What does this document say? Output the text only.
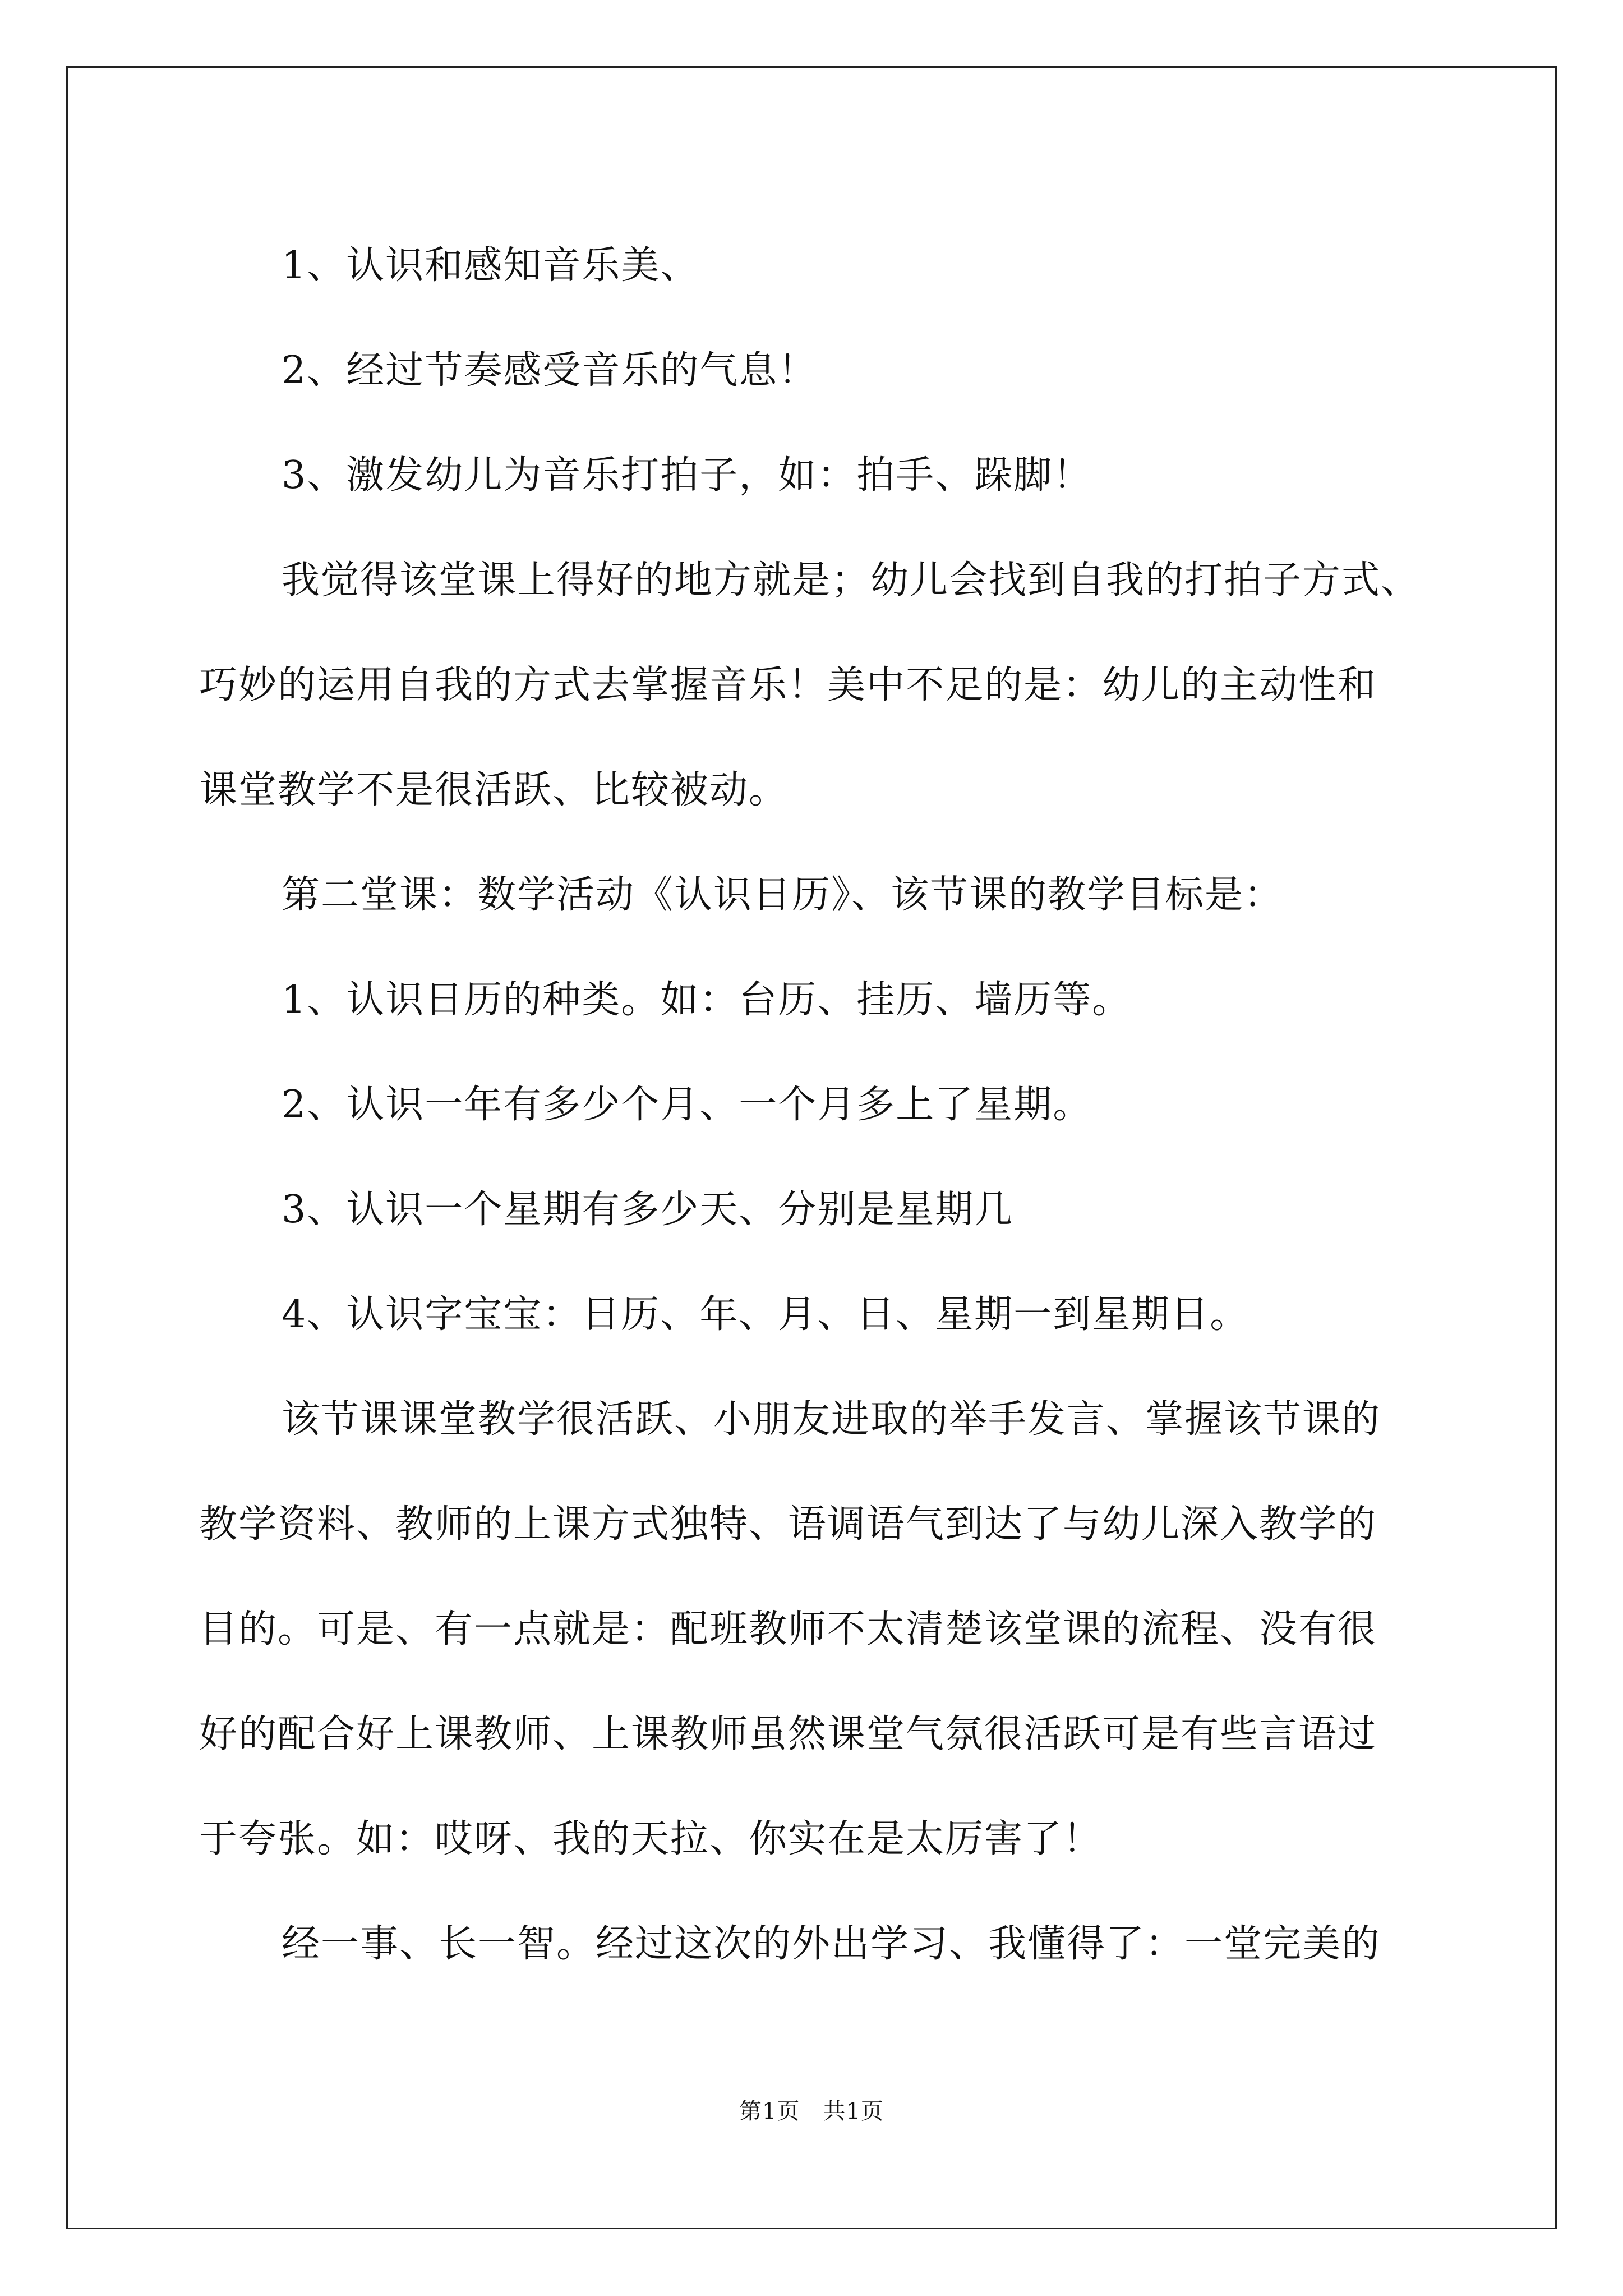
1、认识和感知音乐美、

2、经过节奏感受音乐的气息！

3、激发幼儿为音乐打拍子，如：拍手、跺脚！

我觉得该堂课上得好的地方就是；幼儿会找到自我的打拍子方式、

巧妙的运用自我的方式去掌握音乐！美中不足的是：幼儿的主动性和

课堂教学不是很活跃、比较被动。

第二堂课：数学活动《认识日历》、该节课的教学目标是：

1、认识日历的种类。如：台历、挂历、墙历等。

2、认识一年有多少个月、一个月多上了星期。

3、认识一个星期有多少天、分别是星期几

4、认识字宝宝：日历、年、月、日、星期一到星期日。

该节课课堂教学很活跃、小朋友进取的举手发言、掌握该节课的

教学资料、教师的上课方式独特、语调语气到达了与幼儿深入教学的

目的。可是、有一点就是：配班教师不太清楚该堂课的流程、没有很

好的配合好上课教师、上课教师虽然课堂气氛很活跃可是有些言语过

于夸张。如：哎呀、我的天拉、你实在是太厉害了！

经一事、长一智。经过这次的外出学习、我懂得了：一堂完美的

第1页　共1页
